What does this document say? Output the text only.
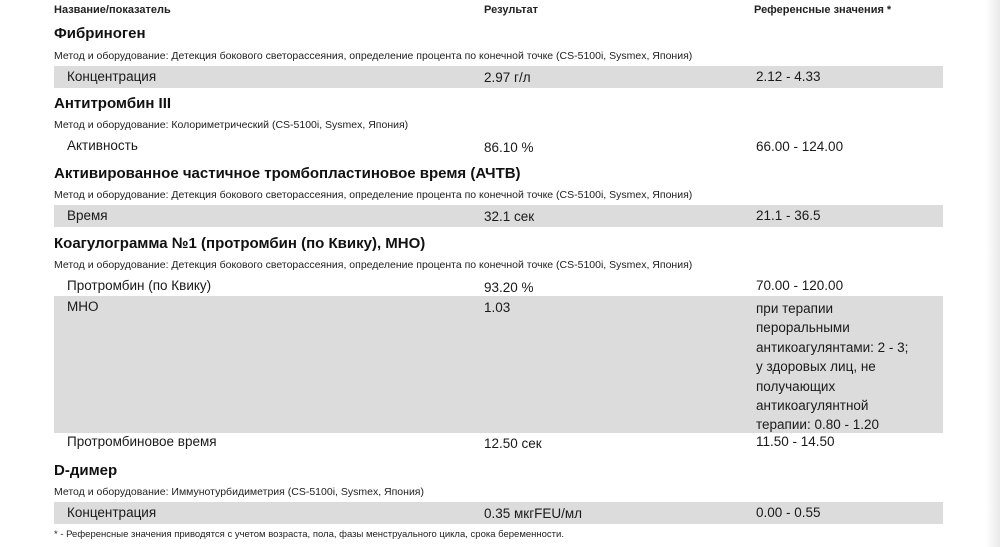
Название/показатель	Результат	Референсные значения *
Фибриноген
Метод и оборудование: Детекция бокового светорассеяния, определение процента по конечной точке (CS-5100i, Sysmex, Япония)
Концентрация	2.97 г/л	2.12 - 4.33
Антитромбин III
Метод и оборудование: Колориметрический (CS-5100i, Sysmex, Япония)
Активность	86.10 %	66.00 - 124.00
Активированное частичное тромбопластиновое время (АЧТВ)
Метод и оборудование: Детекция бокового светорассеяния, определение процента по конечной точке (CS-5100i, Sysmex, Япония)
Время	32.1 сек	21.1 - 36.5
Коагулограмма №1 (протромбин (по Квику), МНО)
Метод и оборудование: Детекция бокового светорассеяния, определение процента по конечной точке (CS-5100i, Sysmex, Япония)
Протромбин (по Квику)	93.20 %	70.00 - 120.00
МНО	1.03	при терапии
пероральными
антикоагулянтами: 2 - 3;
у здоровых лиц, не
получающих
антикоагулянтной
терапии: 0.80 - 1.20
Протромбиновое время	12.50 сек	11.50 - 14.50
D-димер
Метод и оборудование: Иммунотурбидиметрия (CS-5100i, Sysmex, Япония)
Концентрация	0.35 мкгFEU/мл	0.00 - 0.55
* - Референсные значения приводятся с учетом возраста, пола, фазы менструального цикла, срока беременности.
